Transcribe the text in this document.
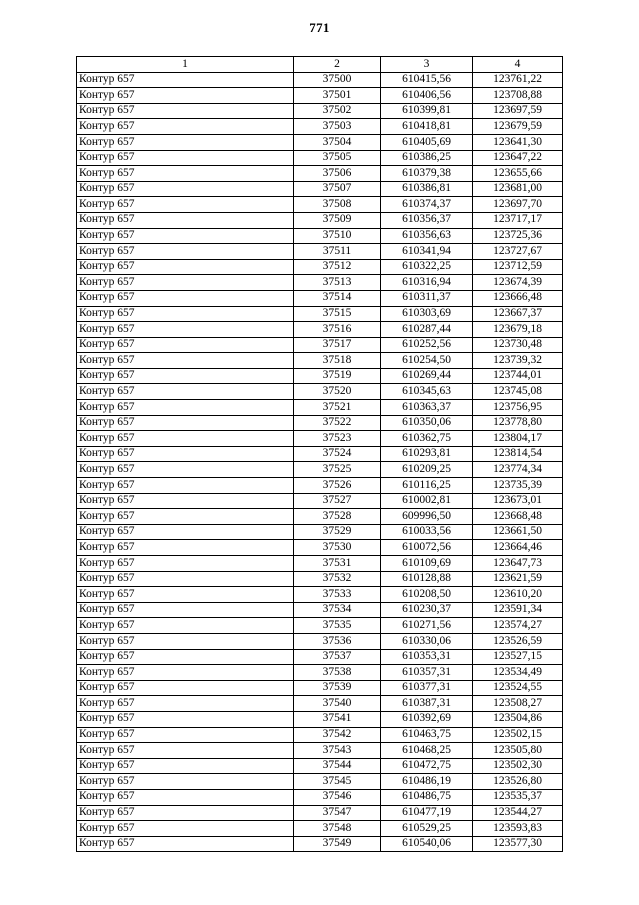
771
1	2	3	4
Контур 657	37500	610415,56	123761,22
Контур 657	37501	610406,56	123708,88
Контур 657	37502	610399,81	123697,59
Контур 657	37503	610418,81	123679,59
Контур 657	37504	610405,69	123641,30
Контур 657	37505	610386,25	123647,22
Контур 657	37506	610379,38	123655,66
Контур 657	37507	610386,81	123681,00
Контур 657	37508	610374,37	123697,70
Контур 657	37509	610356,37	123717,17
Контур 657	37510	610356,63	123725,36
Контур 657	37511	610341,94	123727,67
Контур 657	37512	610322,25	123712,59
Контур 657	37513	610316,94	123674,39
Контур 657	37514	610311,37	123666,48
Контур 657	37515	610303,69	123667,37
Контур 657	37516	610287,44	123679,18
Контур 657	37517	610252,56	123730,48
Контур 657	37518	610254,50	123739,32
Контур 657	37519	610269,44	123744,01
Контур 657	37520	610345,63	123745,08
Контур 657	37521	610363,37	123756,95
Контур 657	37522	610350,06	123778,80
Контур 657	37523	610362,75	123804,17
Контур 657	37524	610293,81	123814,54
Контур 657	37525	610209,25	123774,34
Контур 657	37526	610116,25	123735,39
Контур 657	37527	610002,81	123673,01
Контур 657	37528	609996,50	123668,48
Контур 657	37529	610033,56	123661,50
Контур 657	37530	610072,56	123664,46
Контур 657	37531	610109,69	123647,73
Контур 657	37532	610128,88	123621,59
Контур 657	37533	610208,50	123610,20
Контур 657	37534	610230,37	123591,34
Контур 657	37535	610271,56	123574,27
Контур 657	37536	610330,06	123526,59
Контур 657	37537	610353,31	123527,15
Контур 657	37538	610357,31	123534,49
Контур 657	37539	610377,31	123524,55
Контур 657	37540	610387,31	123508,27
Контур 657	37541	610392,69	123504,86
Контур 657	37542	610463,75	123502,15
Контур 657	37543	610468,25	123505,80
Контур 657	37544	610472,75	123502,30
Контур 657	37545	610486,19	123526,80
Контур 657	37546	610486,75	123535,37
Контур 657	37547	610477,19	123544,27
Контур 657	37548	610529,25	123593,83
Контур 657	37549	610540,06	123577,30
